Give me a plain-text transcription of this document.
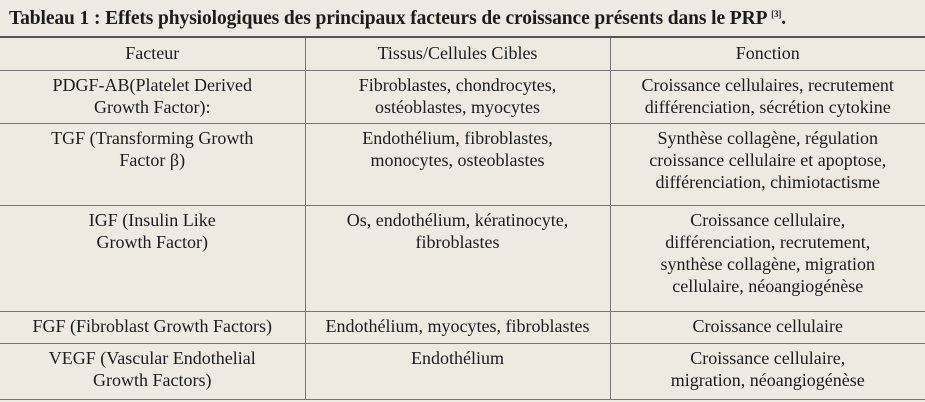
Tableau 1 : Effets physiologiques des principaux facteurs de croissance présents dans le PRP [3].
Facteur	Tissus/Cellules Cibles	Fonction

PDGF-AB(Platelet Derived
Growth Factor):	Fibroblastes, chondrocytes,
ostéoblastes, myocytes	Croissance cellulaires, recrutement
différenciation, sécrétion cytokine

TGF (Transforming Growth
Factor β)	Endothélium, fibroblastes,
monocytes, osteoblastes	Synthèse collagène, régulation
croissance cellulaire et apoptose,
différenciation, chimiotactisme

IGF (Insulin Like
Growth Factor)	Os, endothélium, kératinocyte,
fibroblastes	Croissance cellulaire,
différenciation, recrutement,
synthèse collagène, migration
cellulaire, néoangiogénèse

FGF (Fibroblast Growth Factors)	Endothélium, myocytes, fibroblastes	Croissance cellulaire

VEGF (Vascular Endothelial
Growth Factors)	Endothélium	Croissance cellulaire,
migration, néoangiogénèse
